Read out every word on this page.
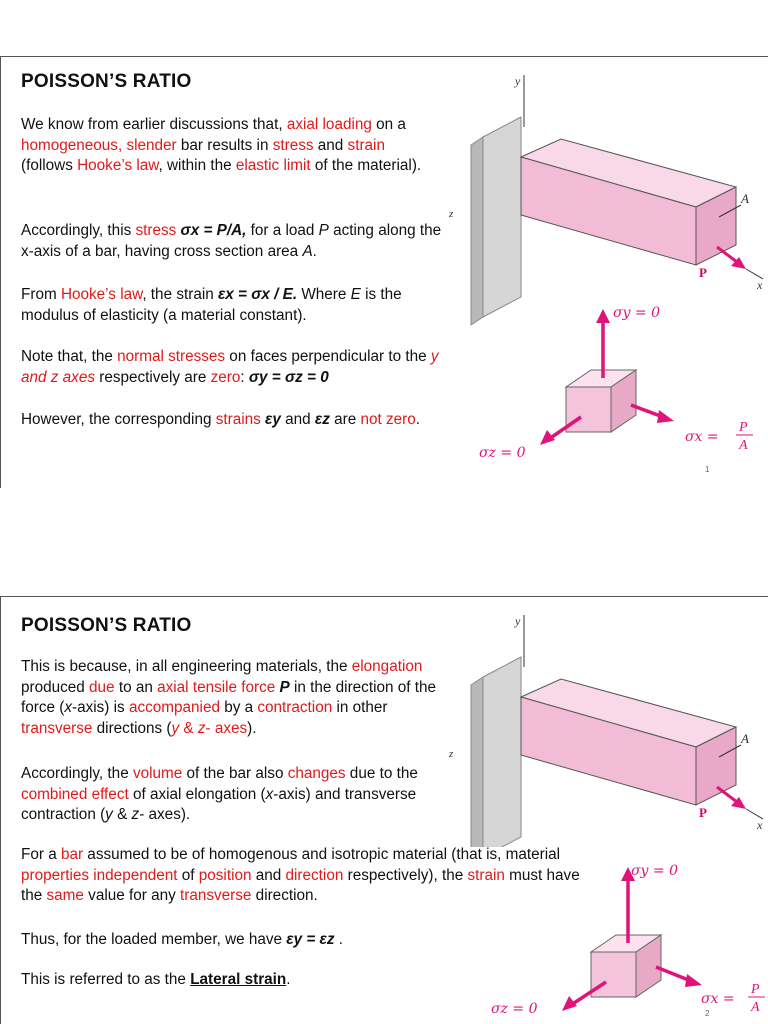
POISSON’S RATIO

We know from earlier discussions that, axial loading on a homogeneous, slender bar results in stress and strain (follows Hooke’s law, within the elastic limit of the material).

Accordingly, this stress σx = P/A, for a load P acting along the x-axis of a bar, having cross section area A.

From Hooke’s law, the strain εx = σx / E. Where E is the modulus of elasticity (a material constant).

Note that, the normal stresses on faces perpendicular to the y and z axes respectively are zero: σy = σz = 0

However, the corresponding strains εy and εz are not zero.

y
z
A
P
x
σy = 0
σz = 0
σx =
P
A
1
POISSON’S RATIO

This is because, in all engineering materials, the elongation produced due to an axial tensile force P in the direction of the force (x-axis) is accompanied by a contraction in other transverse directions (y & z- axes).

Accordingly, the volume of the bar also changes due to the combined effect of axial elongation (x-axis) and transverse contraction (y & z- axes).

For a bar assumed to be of homogenous and isotropic material (that is, material properties independent of position and direction respectively), the strain must have the same value for any transverse direction.

Thus, for the loaded member, we have εy = εz .

This is referred to as the Lateral strain.

y
z
A
P
x
σy = 0
σz = 0
σx =
P
A
2
